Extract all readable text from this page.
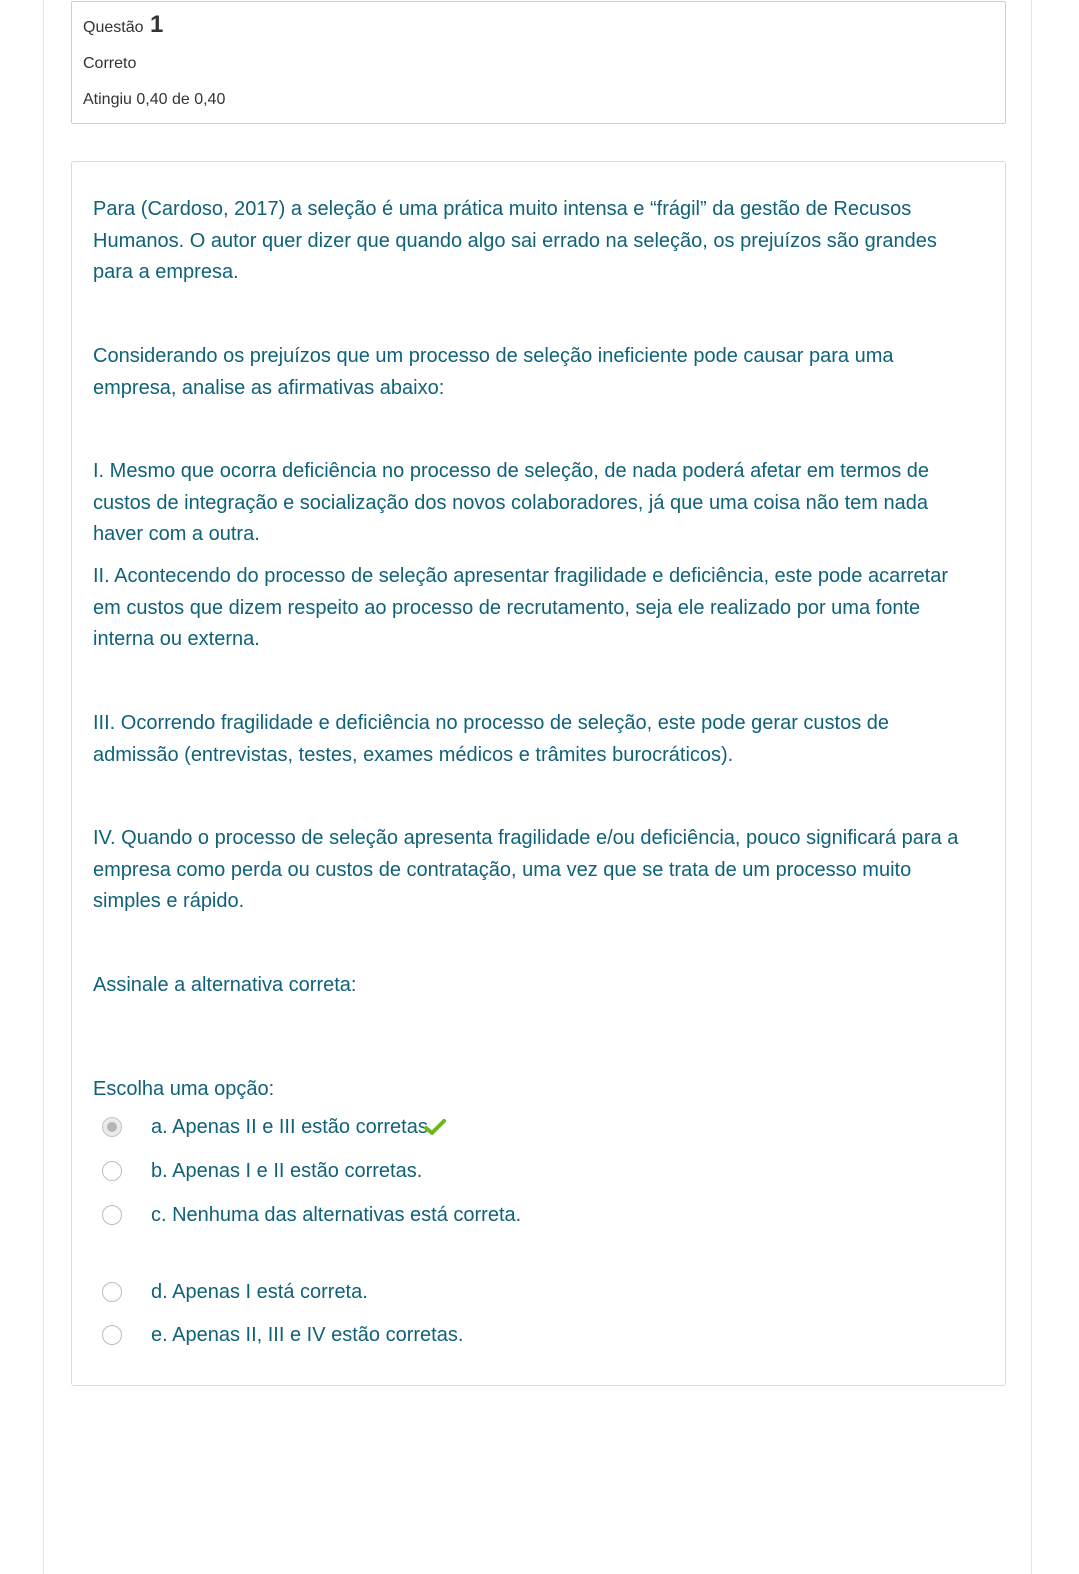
Questão 1
Correto
Atingiu 0,40 de 0,40

Para (Cardoso, 2017) a seleção é uma prática muito intensa e “frágil” da gestão de Recusos Humanos. O autor quer dizer que quando algo sai errado na seleção, os prejuízos são grandes para a empresa.

Considerando os prejuízos que um processo de seleção ineficiente pode causar para uma empresa, analise as afirmativas abaixo:

I. Mesmo que ocorra deficiência no processo de seleção, de nada poderá afetar em termos de custos de integração e socialização dos novos colaboradores, já que uma coisa não tem nada haver com a outra.

II. Acontecendo do processo de seleção apresentar fragilidade e deficiência, este pode acarretar em custos que dizem respeito ao processo de recrutamento, seja ele realizado por uma fonte interna ou externa.

III. Ocorrendo fragilidade e deficiência no processo de seleção, este pode gerar custos de admissão (entrevistas, testes, exames médicos e trâmites burocráticos).

IV. Quando o processo de seleção apresenta fragilidade e/ou deficiência, pouco significará para a empresa como perda ou custos de contratação, uma vez que se trata de um processo muito simples e rápido.

Assinale a alternativa correta:

Escolha uma opção:

a. Apenas II e III estão corretas
b. Apenas I e II estão corretas.
c. Nenhuma das alternativas está correta.
d. Apenas I está correta.
e. Apenas II, III e IV estão corretas.
